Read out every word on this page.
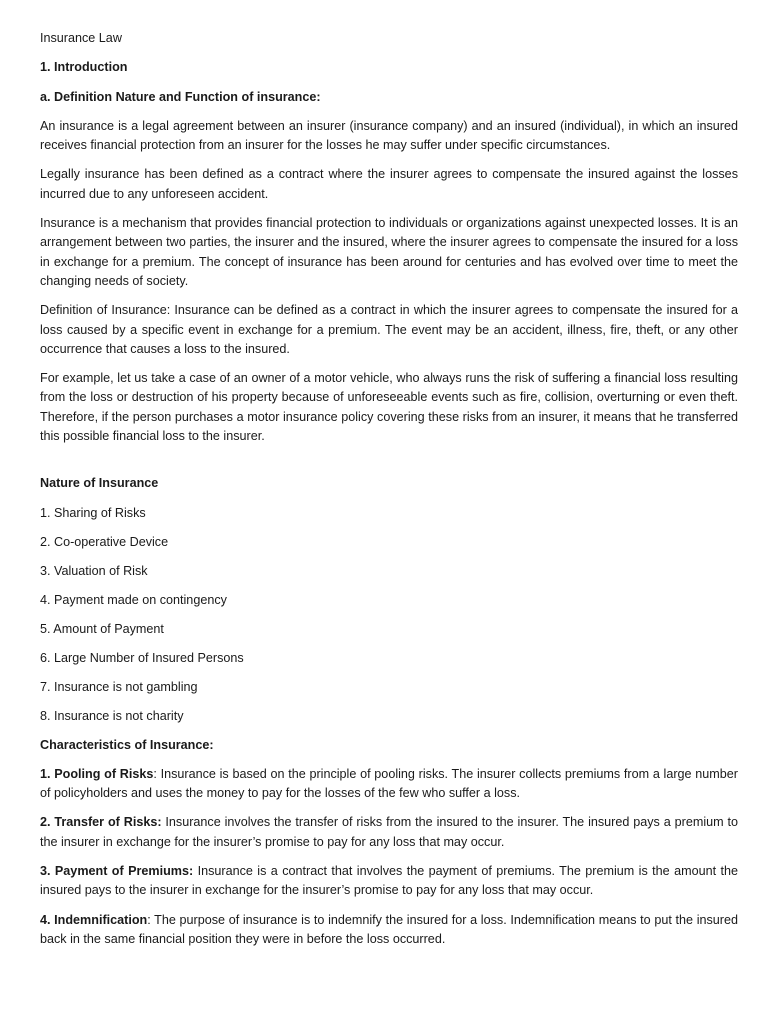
Insurance Law

1. Introduction

a. Definition Nature and Function of insurance:

An insurance is a legal agreement between an insurer (insurance company) and an insured (individual), in which an insured receives financial protection from an insurer for the losses he may suffer under specific circumstances.

Legally insurance has been defined as a contract where the insurer agrees to compensate the insured against the losses incurred due to any unforeseen accident.

Insurance is a mechanism that provides financial protection to individuals or organizations against unexpected losses. It is an arrangement between two parties, the insurer and the insured, where the insurer agrees to compensate the insured for a loss in exchange for a premium. The concept of insurance has been around for centuries and has evolved over time to meet the changing needs of society.

Definition of Insurance: Insurance can be defined as a contract in which the insurer agrees to compensate the insured for a loss caused by a specific event in exchange for a premium. The event may be an accident, illness, fire, theft, or any other occurrence that causes a loss to the insured.

For example, let us take a case of an owner of a motor vehicle, who always runs the risk of suffering a financial loss resulting from the loss or destruction of his property because of unforeseeable events such as fire, collision, overturning or even theft. Therefore, if the person purchases a motor insurance policy covering these risks from an insurer, it means that he transferred this possible financial loss to the insurer.

Nature of Insurance

1. Sharing of Risks

2. Co-operative Device

3. Valuation of Risk

4. Payment made on contingency

5. Amount of Payment

6. Large Number of Insured Persons

7. Insurance is not gambling

8. Insurance is not charity

Characteristics of Insurance:

1. Pooling of Risks: Insurance is based on the principle of pooling risks. The insurer collects premiums from a large number of policyholders and uses the money to pay for the losses of the few who suffer a loss.

2. Transfer of Risks: Insurance involves the transfer of risks from the insured to the insurer. The insured pays a premium to the insurer in exchange for the insurer’s promise to pay for any loss that may occur.

3. Payment of Premiums: Insurance is a contract that involves the payment of premiums. The premium is the amount the insured pays to the insurer in exchange for the insurer’s promise to pay for any loss that may occur.

4. Indemnification: The purpose of insurance is to indemnify the insured for a loss. Indemnification means to put the insured back in the same financial position they were in before the loss occurred.
